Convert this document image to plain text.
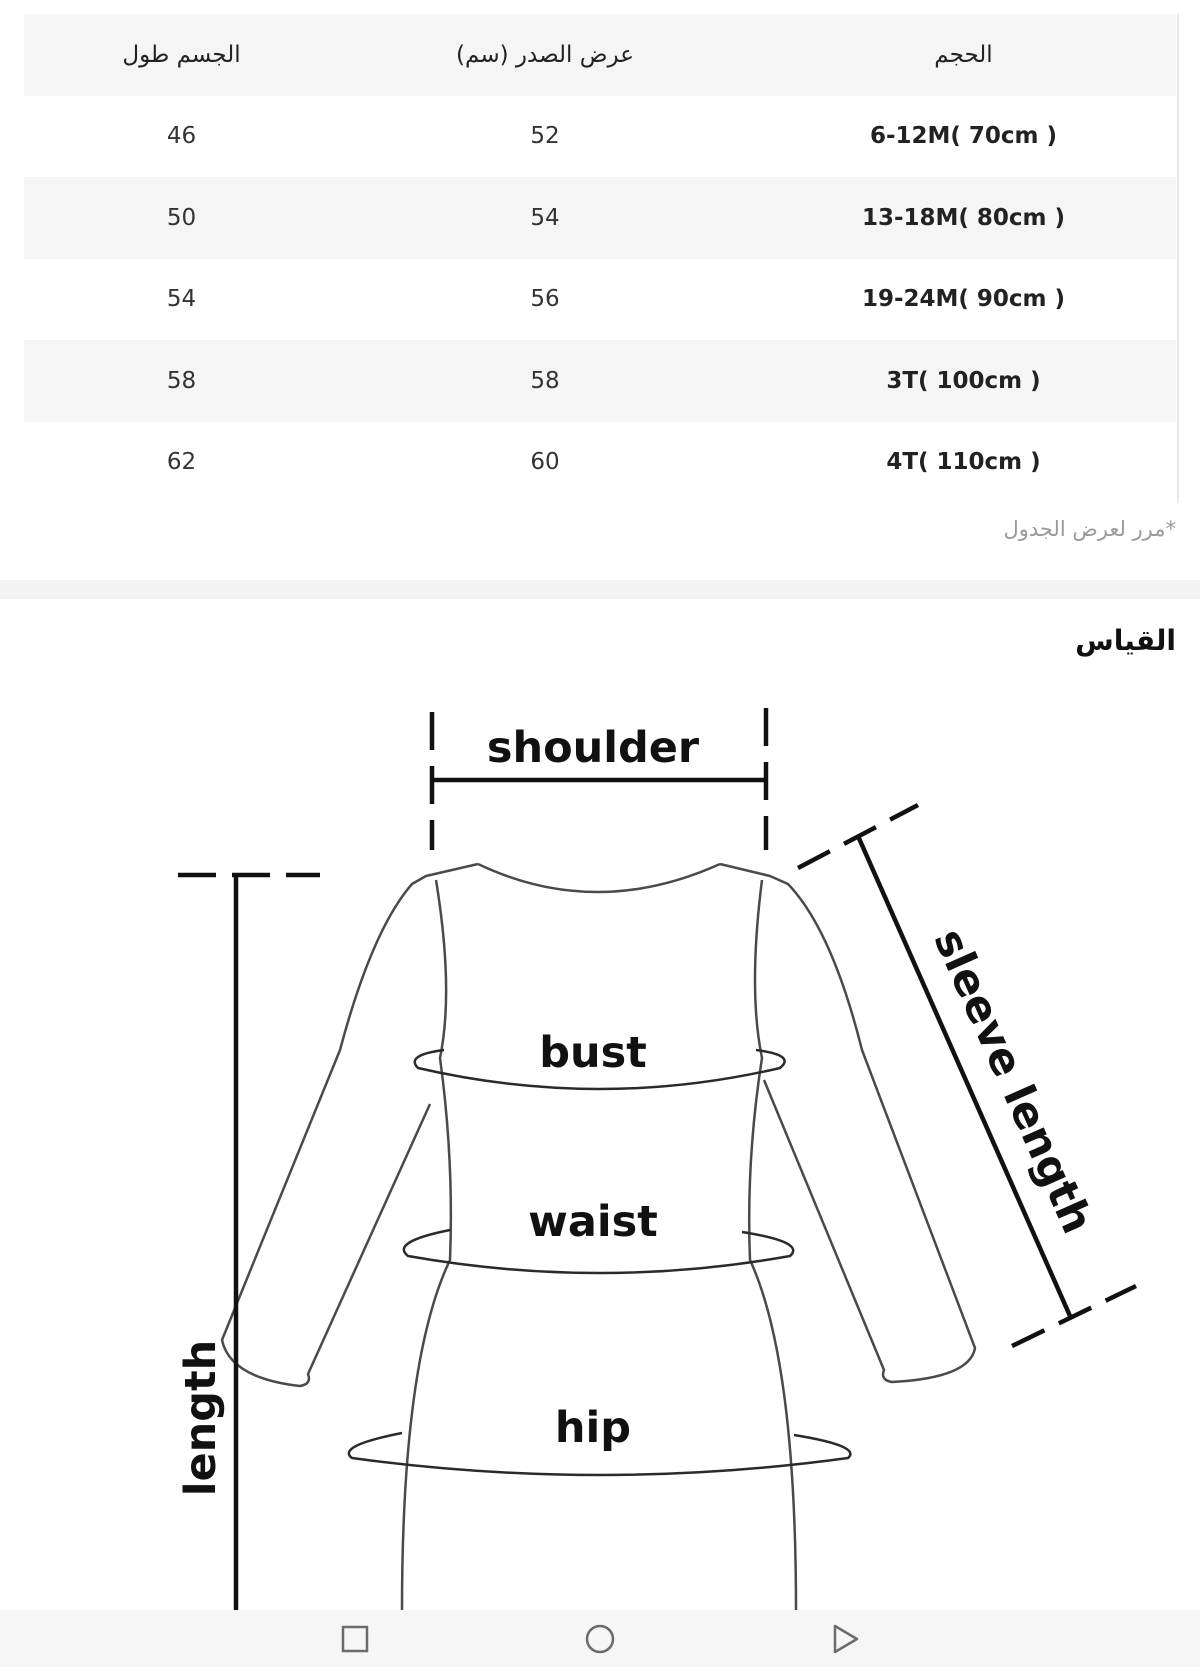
الجسم طول	عرض الصدر (سم)	الحجم
46	52	6-12M( 70cm )
50	54	13-18M( 80cm )
54	56	19-24M( 90cm )
58	58	3T( 100cm )
62	60	4T( 110cm )
*مرر لعرض الجدول
القياس
shoulder
bust
waist
hip
length
sleeve length
